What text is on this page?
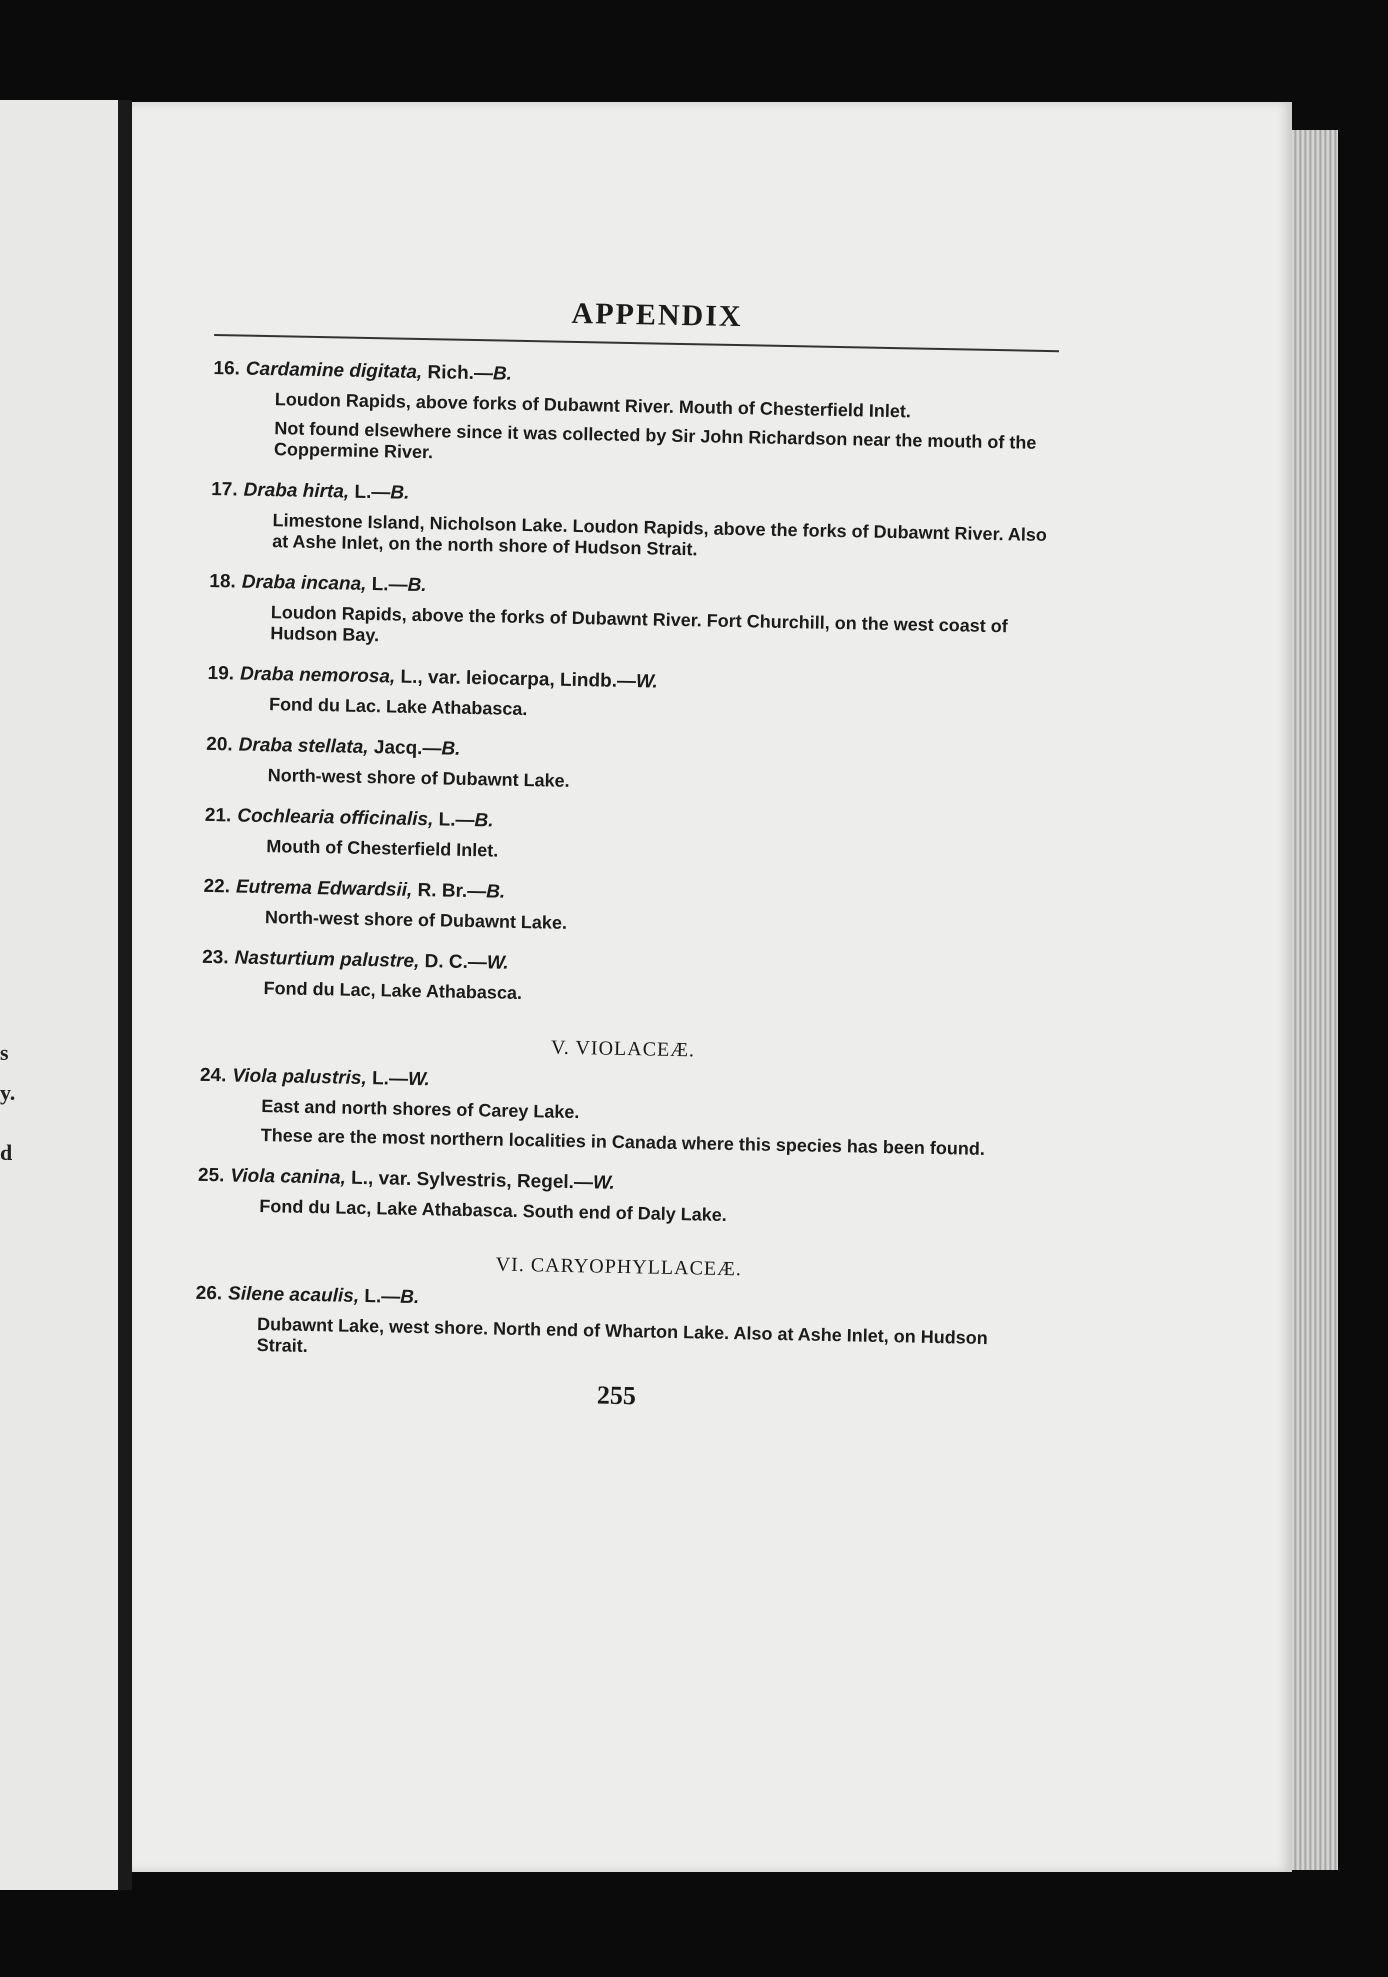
s
y.
d
APPENDIX
16. Cardamine digitata, Rich.—B.
Loudon Rapids, above forks of Dubawnt River. Mouth of Chesterfield Inlet.
Not found elsewhere since it was collected by Sir John Richardson near the mouth of the Coppermine River.
17. Draba hirta, L.—B.
Limestone Island, Nicholson Lake. Loudon Rapids, above the forks of Dubawnt River. Also at Ashe Inlet, on the north shore of Hudson Strait.
18. Draba incana, L.—B.
Loudon Rapids, above the forks of Dubawnt River. Fort Churchill, on the west coast of Hudson Bay.
19. Draba nemorosa, L., var. leiocarpa, Lindb.—W.
Fond du Lac. Lake Athabasca.
20. Draba stellata, Jacq.—B.
North-west shore of Dubawnt Lake.
21. Cochlearia officinalis, L.—B.
Mouth of Chesterfield Inlet.
22. Eutrema Edwardsii, R. Br.—B.
North-west shore of Dubawnt Lake.
23. Nasturtium palustre, D. C.—W.
Fond du Lac, Lake Athabasca.
V. VIOLACEÆ.
24. Viola palustris, L.—W.
East and north shores of Carey Lake.
These are the most northern localities in Canada where this species has been found.
25. Viola canina, L., var. Sylvestris, Regel.—W.
Fond du Lac, Lake Athabasca. South end of Daly Lake.
VI. CARYOPHYLLACEÆ.
26. Silene acaulis, L.—B.
Dubawnt Lake, west shore. North end of Wharton Lake. Also at Ashe Inlet, on Hudson Strait.
255
